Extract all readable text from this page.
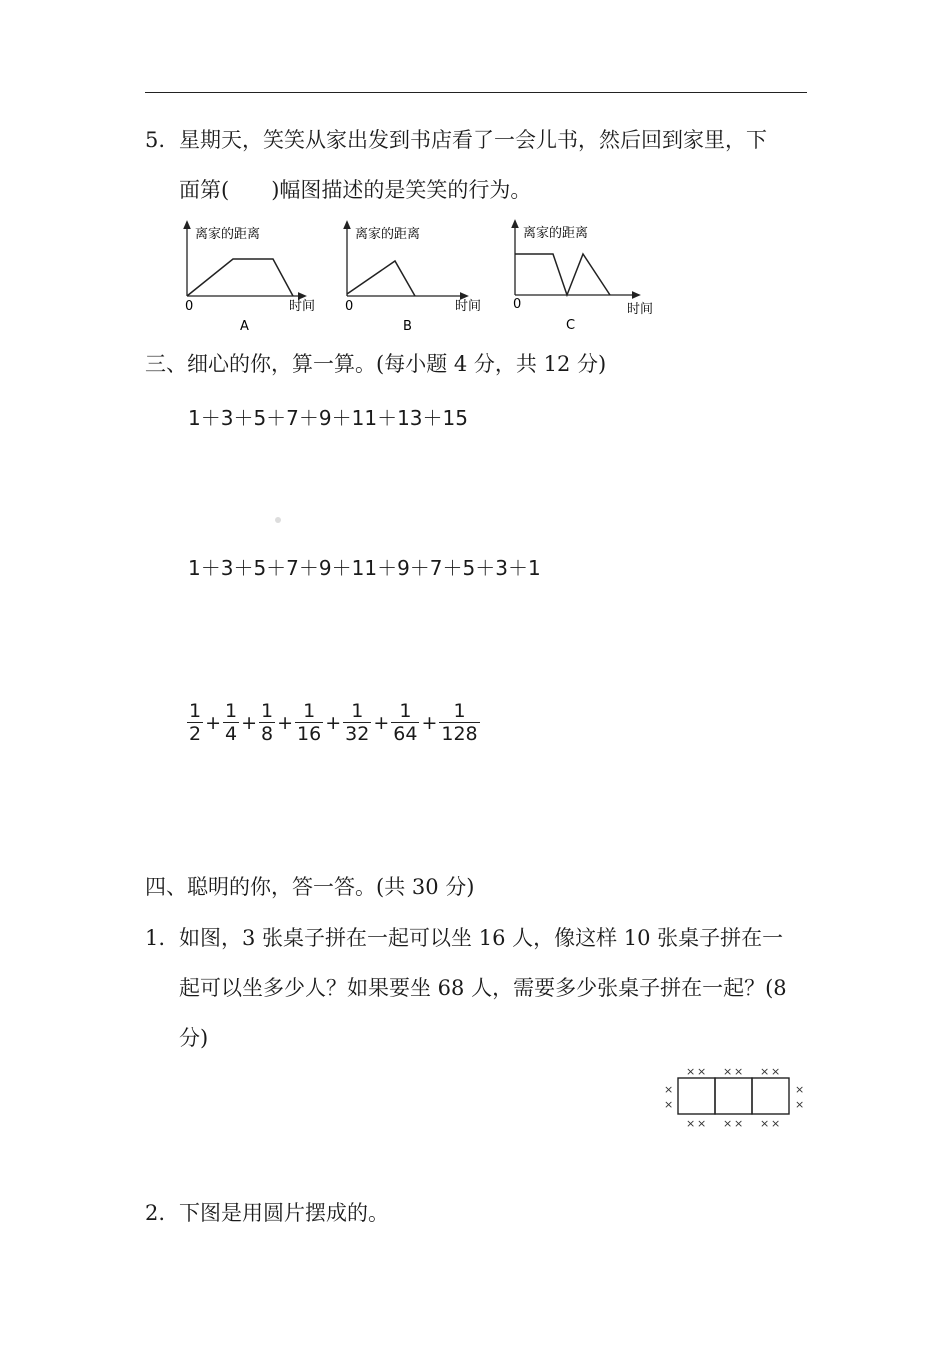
5. 星期天，笑笑从家出发到书店看了一会儿书，然后回到家里，下
面第(　　)幅图描述的是笑笑的行为。
离家的距离
0	时间
A
离家的距离
0	时间
B
离家的距离
0	时间
C
三、细心的你，算一算。(每小题 4 分，共 12 分)
1＋3＋5＋7＋9＋11＋13＋15
1＋3＋5＋7＋9＋11＋9＋7＋5＋3＋1
$\frac{1}{2} + \frac{1}{4} + \frac{1}{8} + \frac{1}{16} + \frac{1}{32} + \frac{1}{64} + \frac{1}{128}$
四、聪明的你，答一答。(共 30 分)
1. 如图，3 张桌子拼在一起可以坐 16 人，像这样 10 张桌子拼在一
起可以坐多少人？如果要坐 68 人，需要多少张桌子拼在一起？(8
分)
× × × × × ×
× × × × × ×
×
×
×
×
2. 下图是用圆片摆成的。
